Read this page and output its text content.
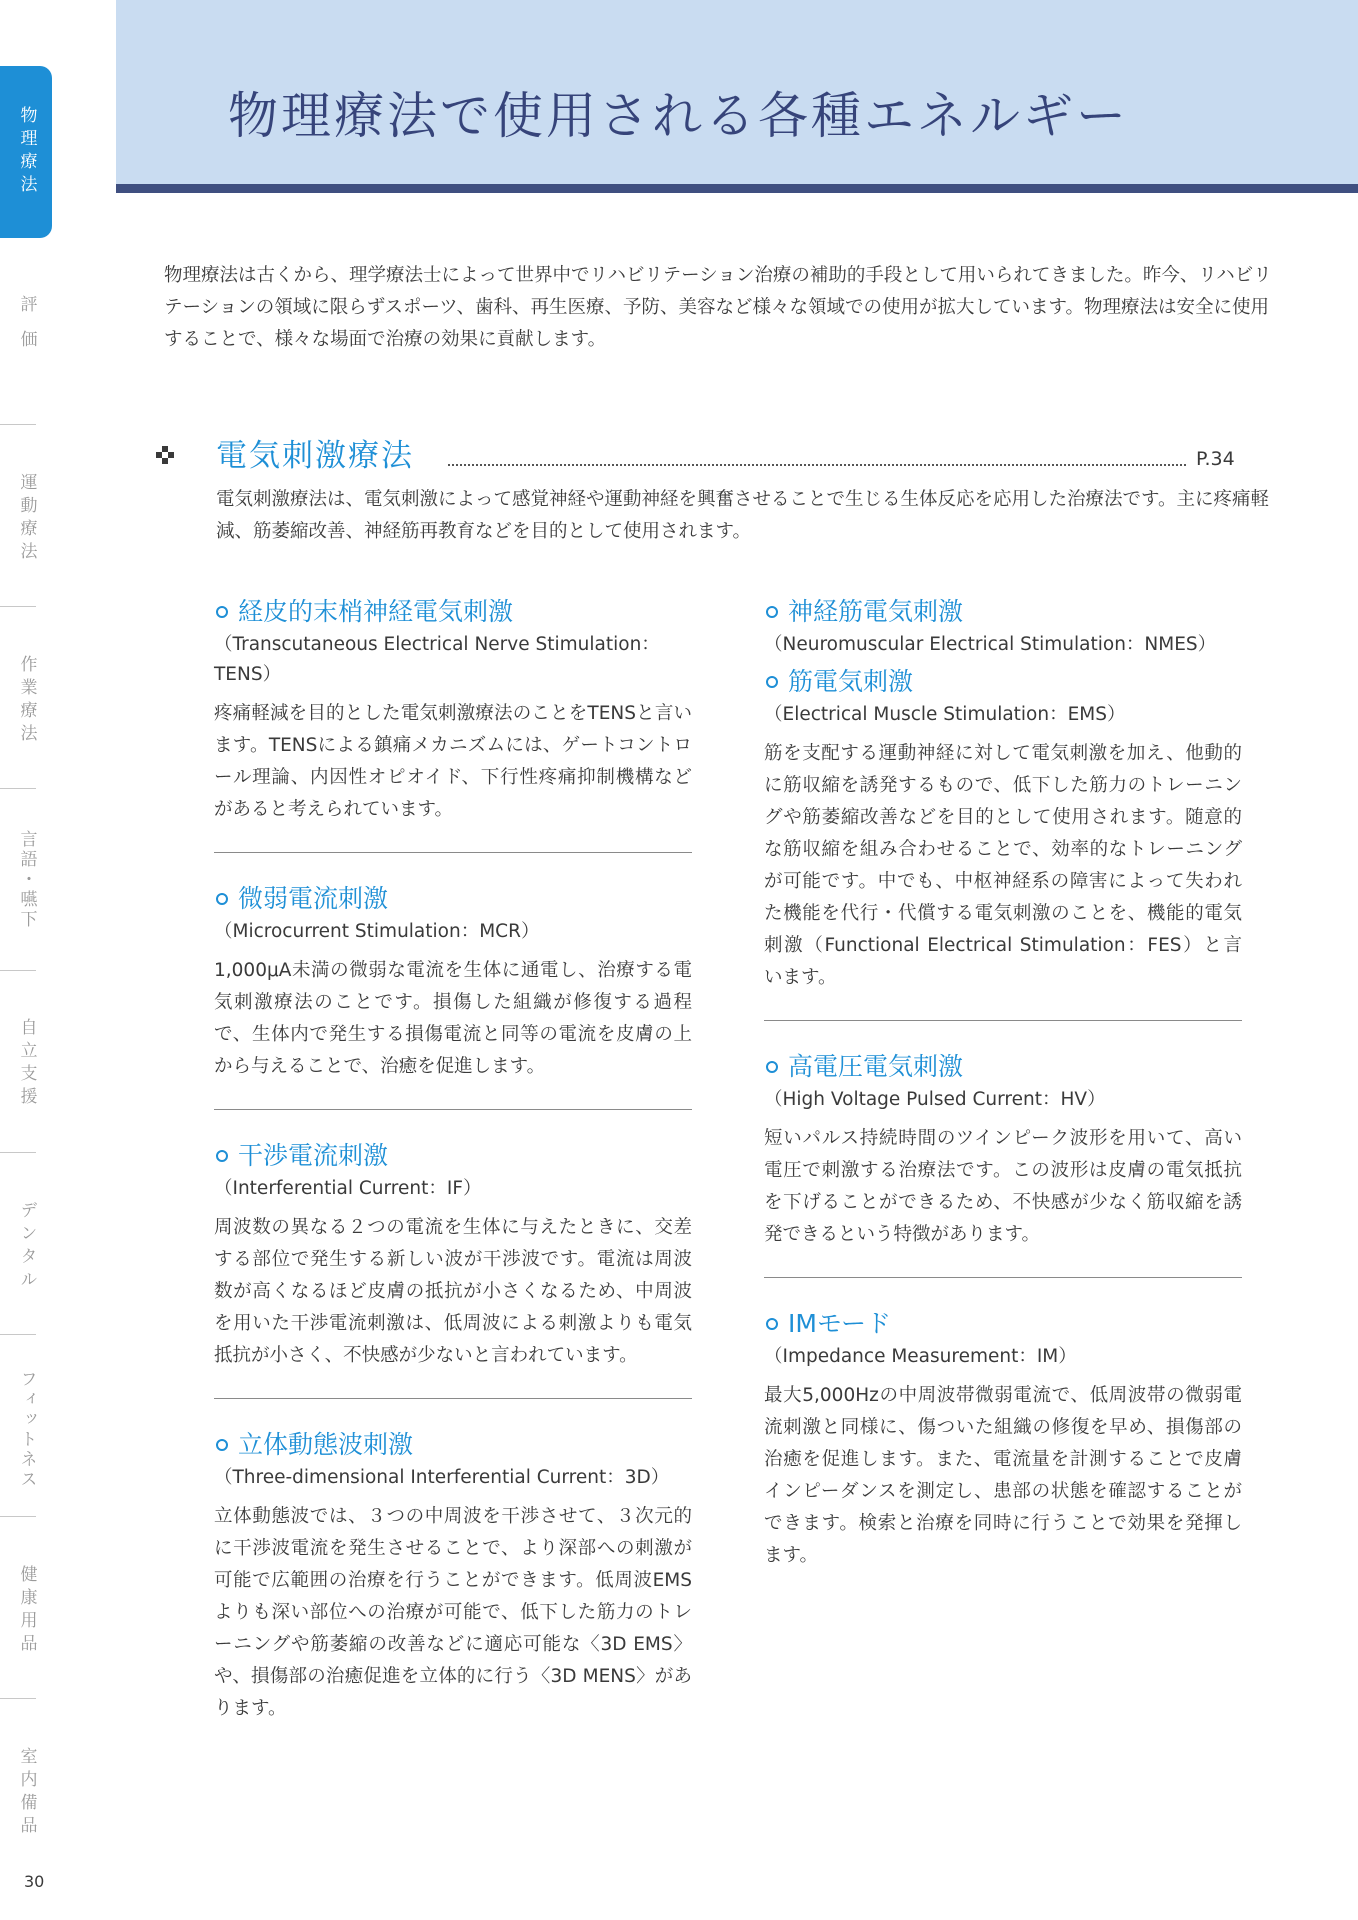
物理療法
評価
運動療法
作業療法
言語・嚥下
自立支援
デンタル
フィットネス
健康用品
室内備品
30
物理療法で使用される各種エネルギー

物理療法は古くから、理学療法士によって世界中でリハビリテーション治療の補助的手段として用いられてきました。昨今、リハビリテーションの領域に限らずスポーツ、歯科、再生医療、予防、美容など様々な領域での使用が拡大しています。物理療法は安全に使用することで、様々な場面で治療の効果に貢献します。

電気刺激療法	P.34

電気刺激療法は、電気刺激によって感覚神経や運動神経を興奮させることで生じる生体反応を応用した治療法です。主に疼痛軽減、筋萎縮改善、神経筋再教育などを目的として使用されます。

経皮的末梢神経電気刺激

（Transcutaneous Electrical Nerve Stimulation：TENS）

疼痛軽減を目的とした電気刺激療法のことをTENSと言います。TENSによる鎮痛メカニズムには、ゲートコントロール理論、内因性オピオイド、下行性疼痛抑制機構などがあると考えられています。

微弱電流刺激

（Microcurrent Stimulation：MCR）

1,000μA未満の微弱な電流を生体に通電し、治療する電気刺激療法のことです。損傷した組織が修復する過程で、生体内で発生する損傷電流と同等の電流を皮膚の上から与えることで、治癒を促進します。

干渉電流刺激

（Interferential Current：IF）

周波数の異なる２つの電流を生体に与えたときに、交差する部位で発生する新しい波が干渉波です。電流は周波数が高くなるほど皮膚の抵抗が小さくなるため、中周波を用いた干渉電流刺激は、低周波による刺激よりも電気抵抗が小さく、不快感が少ないと言われています。

立体動態波刺激

（Three-dimensional Interferential Current：3D）

立体動態波では、３つの中周波を干渉させて、３次元的に干渉波電流を発生させることで、より深部への刺激が可能で広範囲の治療を行うことができます。低周波EMSよりも深い部位への治療が可能で、低下した筋力のトレーニングや筋萎縮の改善などに適応可能な〈3D EMS〉や、損傷部の治癒促進を立体的に行う〈3D MENS〉があります。

神経筋電気刺激

（Neuromuscular Electrical Stimulation：NMES）

筋電気刺激

（Electrical Muscle Stimulation：EMS）

筋を支配する運動神経に対して電気刺激を加え、他動的に筋収縮を誘発するもので、低下した筋力のトレーニングや筋萎縮改善などを目的として使用されます。随意的な筋収縮を組み合わせることで、効率的なトレーニングが可能です。中でも、中枢神経系の障害によって失われた機能を代行・代償する電気刺激のことを、機能的電気刺激（Functional Electrical Stimulation：FES）と言います。

高電圧電気刺激

（High Voltage Pulsed Current：HV）

短いパルス持続時間のツインピーク波形を用いて、高い電圧で刺激する治療法です。この波形は皮膚の電気抵抗を下げることができるため、不快感が少なく筋収縮を誘発できるという特徴があります。

IMモード

（Impedance Measurement：IM）

最大5,000Hzの中周波帯微弱電流で、低周波帯の微弱電流刺激と同様に、傷ついた組織の修復を早め、損傷部の治癒を促進します。また、電流量を計測することで皮膚インピーダンスを測定し、患部の状態を確認することができます。検索と治療を同時に行うことで効果を発揮します。
